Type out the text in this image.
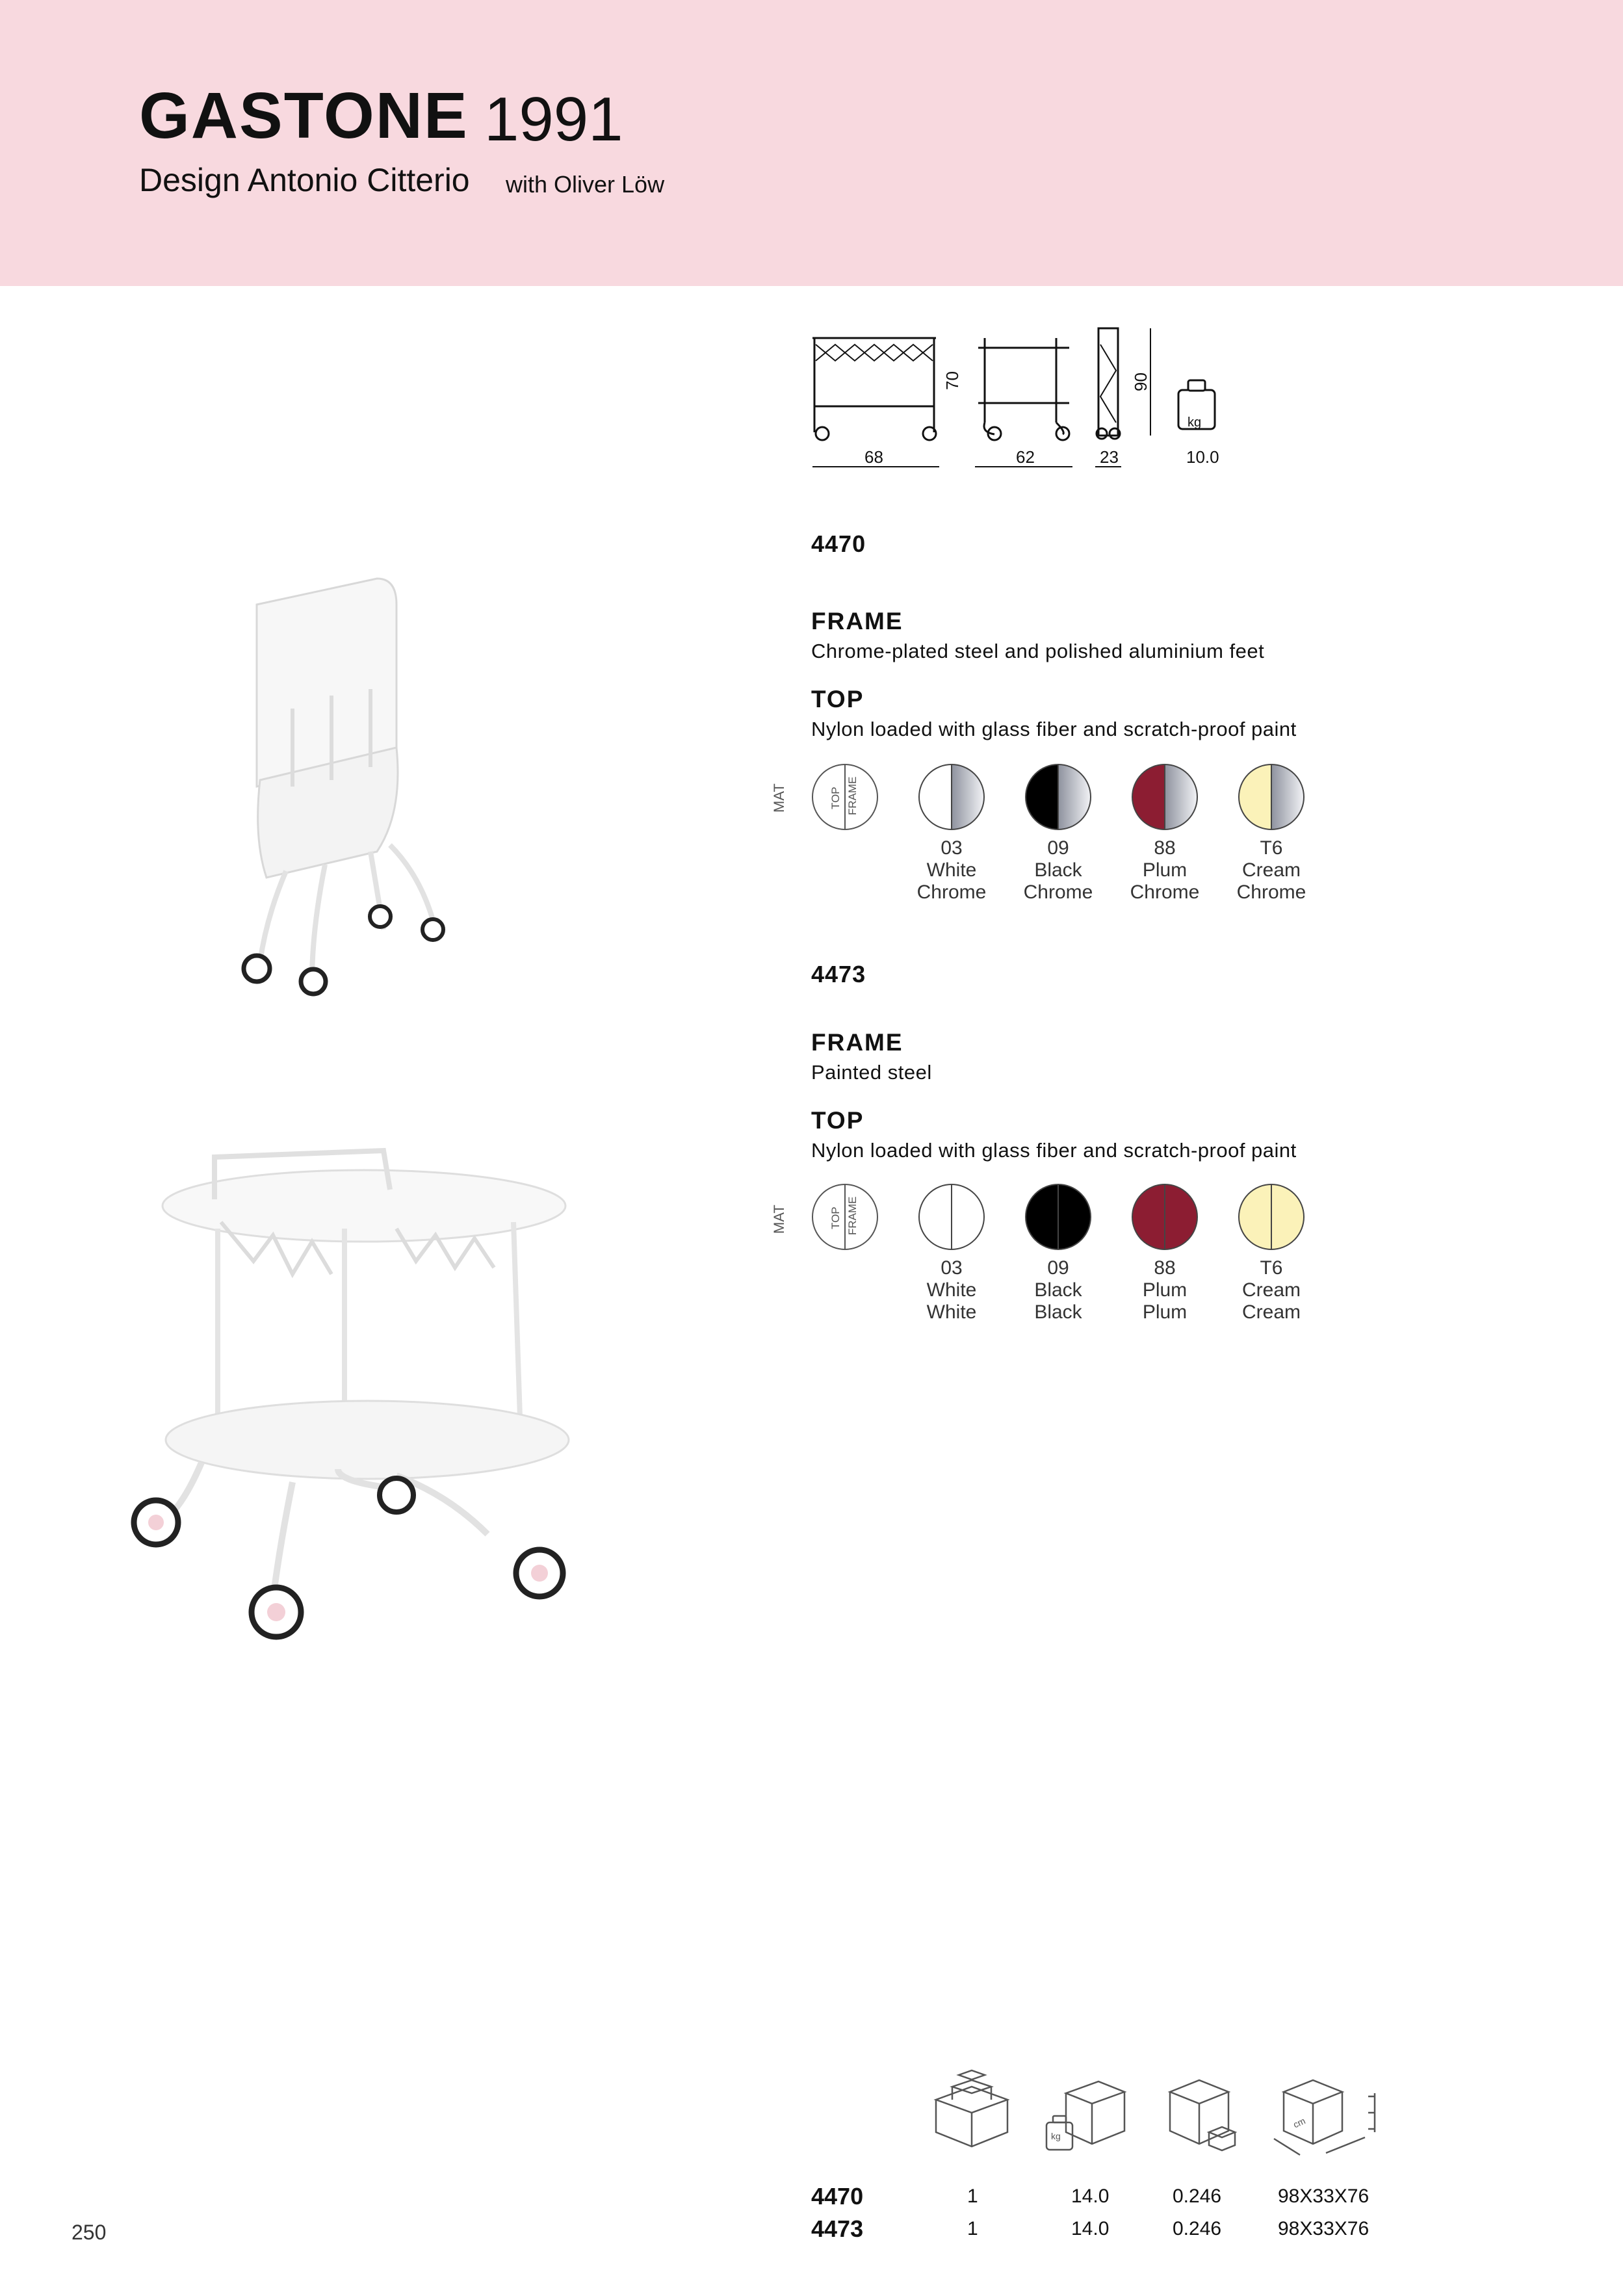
GASTONE 1991
Design Antonio Citterio with Oliver Löw
68	62	23
70	90
kg
10.0
4470
FRAME
Chrome-plated steel and polished aluminium feet
TOP
Nylon loaded with glass fiber and scratch-proof paint
MAT	TOP FRAME
03
White
Chrome
09
Black
Chrome
88
Plum
Chrome
T6
Cream
Chrome
4473
FRAME
Painted steel
TOP
Nylon loaded with glass fiber and scratch-proof paint
MAT	TOP FRAME
03
White
White
09
Black
Black
88
Plum
Plum
T6
Cream
Cream
kg
cm
4470	1	14.0	0.246	98X33X76
4473	1	14.0	0.246	98X33X76
250
